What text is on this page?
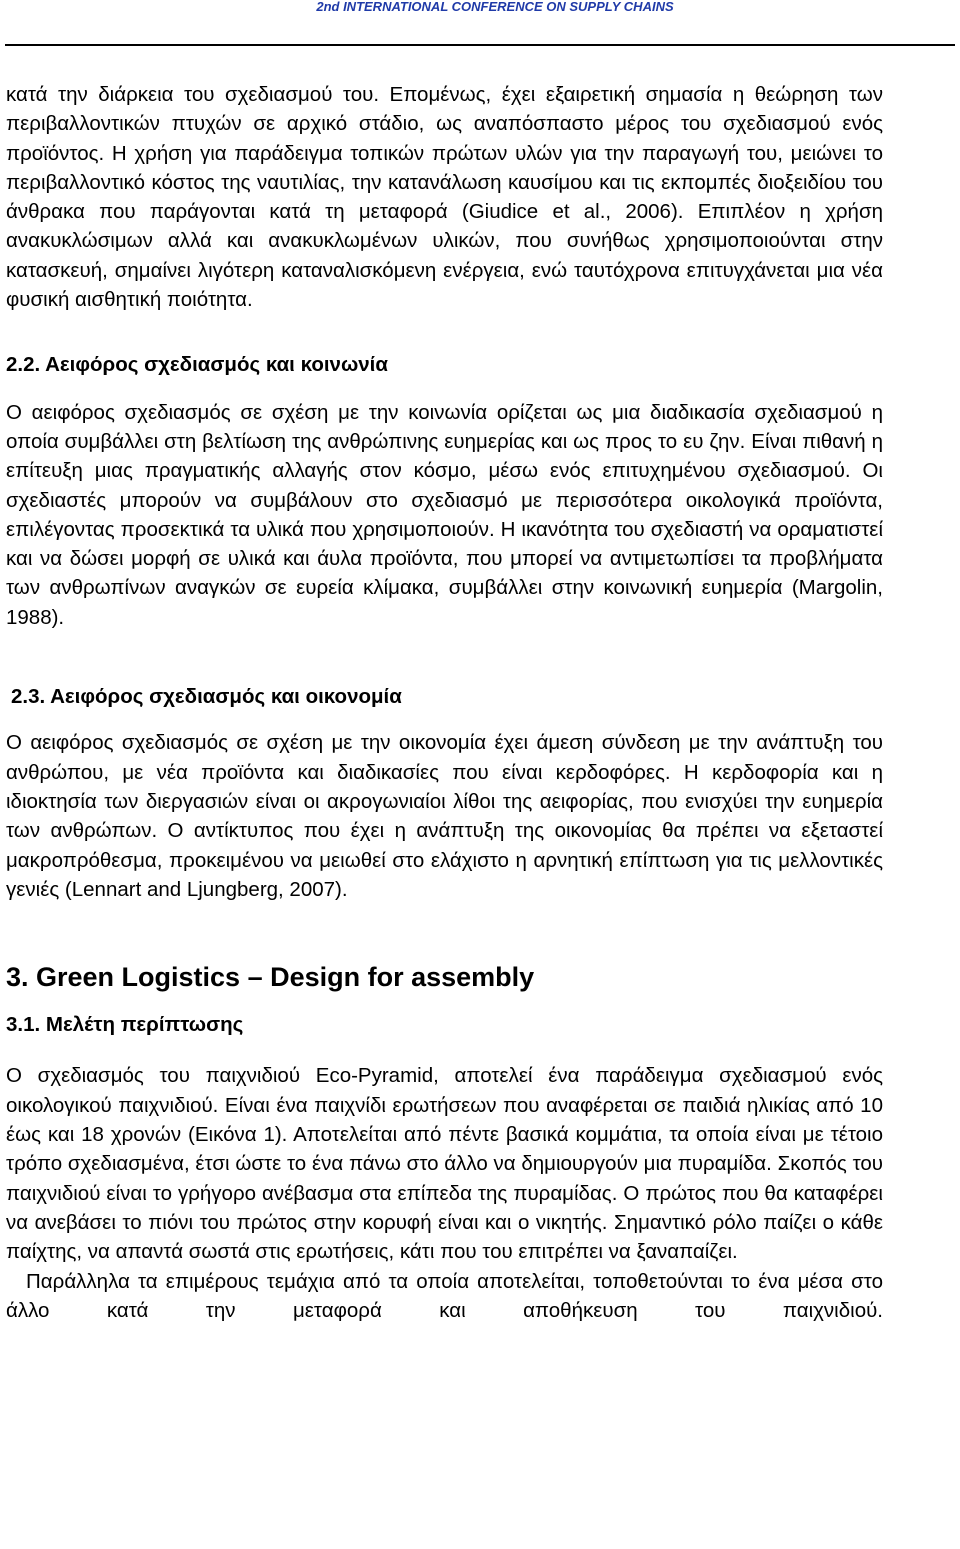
2nd INTERNATIONAL CONFERENCE ON SUPPLY CHAINS

κατά την διάρκεια του σχεδιασμού του. Επομένως, έχει εξαιρετική σημασία η θεώρηση των περιβαλλοντικών πτυχών σε αρχικό στάδιο, ως αναπόσπαστο μέρος του σχεδιασμού ενός προϊόντος. Η χρήση για παράδειγμα τοπικών πρώτων υλών για την παραγωγή του, μειώνει το περιβαλλοντικό κόστος της ναυτιλίας, την κατανάλωση καυσίμου και τις εκπομπές διοξειδίου του άνθρακα που παράγονται κατά τη μεταφορά (Giudice et al., 2006). Επιπλέον η χρήση ανακυκλώσιμων αλλά και ανακυκλωμένων υλικών, που συνήθως χρησιμοποιούνται στην κατασκευή, σημαίνει λιγότερη καταναλισκόμενη ενέργεια, ενώ ταυτόχρονα επιτυγχάνεται μια νέα φυσική αισθητική ποιότητα.

2.2. Αειφόρος σχεδιασμός και κοινωνία

Ο αειφόρος σχεδιασμός σε σχέση με την κοινωνία ορίζεται ως μια διαδικασία σχεδιασμού η οποία συμβάλλει στη βελτίωση της ανθρώπινης ευημερίας και ως προς το ευ ζην. Είναι πιθανή η επίτευξη μιας πραγματικής αλλαγής στον κόσμο, μέσω ενός επιτυχημένου σχεδιασμού. Οι σχεδιαστές μπορούν να συμβάλουν στο σχεδιασμό με περισσότερα οικολογικά προϊόντα, επιλέγοντας προσεκτικά τα υλικά που χρησιμοποιούν. Η ικανότητα του σχεδιαστή να οραματιστεί και να δώσει μορφή σε υλικά και άυλα προϊόντα, που μπορεί να αντιμετωπίσει τα προβλήματα των ανθρωπίνων αναγκών σε ευρεία κλίμακα, συμβάλλει στην κοινωνική ευημερία (Margolin, 1988).

2.3. Αειφόρος σχεδιασμός και οικονομία

Ο αειφόρος σχεδιασμός σε σχέση με την οικονομία έχει άμεση σύνδεση με την ανάπτυξη του ανθρώπου, με νέα προϊόντα και διαδικασίες που είναι κερδοφόρες. Η κερδοφορία και η ιδιοκτησία των διεργασιών είναι οι ακρογωνιαίοι λίθοι της αειφορίας, που ενισχύει την ευημερία των ανθρώπων. Ο αντίκτυπος που έχει η ανάπτυξη της οικονομίας θα πρέπει να εξεταστεί μακροπρόθεσμα, προκειμένου να μειωθεί στο ελάχιστο η αρνητική επίπτωση για τις μελλοντικές γενιές (Lennart and Ljungberg, 2007).

3. Green Logistics – Design for assembly

3.1. Μελέτη περίπτωσης

Ο σχεδιασμός του παιχνιδιού Eco-Pyramid, αποτελεί ένα παράδειγμα σχεδιασμού ενός οικολογικού παιχνιδιού. Είναι ένα παιχνίδι ερωτήσεων που αναφέρεται σε παιδιά ηλικίας από 10 έως και 18 χρονών (Εικόνα 1). Αποτελείται από πέντε βασικά κομμάτια, τα οποία είναι με τέτοιο τρόπο σχεδιασμένα, έτσι ώστε το ένα πάνω στο άλλο να δημιουργούν μια πυραμίδα. Σκοπός του παιχνιδιού είναι το γρήγορο ανέβασμα στα επίπεδα της πυραμίδας. Ο πρώτος που θα καταφέρει να ανεβάσει το πιόνι του πρώτος στην κορυφή είναι και ο νικητής. Σημαντικό ρόλο παίζει ο κάθε παίχτης, να απαντά σωστά στις ερωτήσεις, κάτι που του επιτρέπει να ξαναπαίζει.

Παράλληλα τα επιμέρους τεμάχια από τα οποία αποτελείται, τοποθετούνται το ένα μέσα στο άλλο κατά την μεταφορά και αποθήκευση του παιχνιδιού.
